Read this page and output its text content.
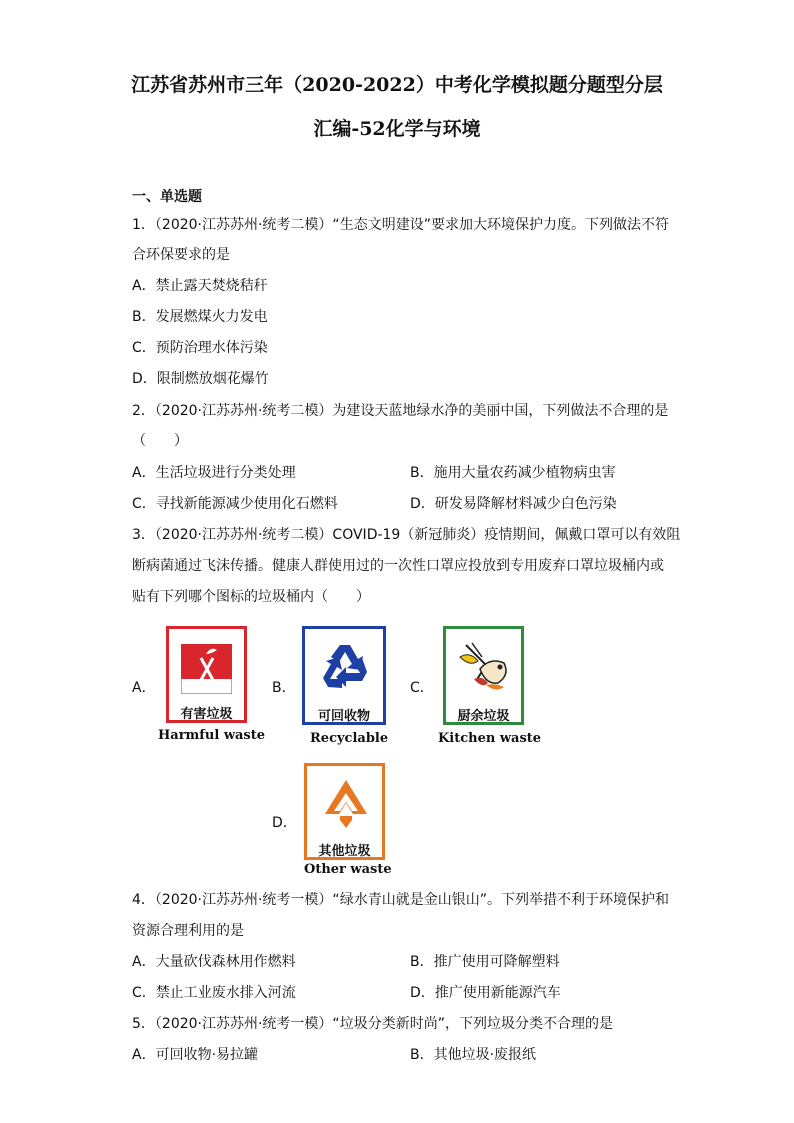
江苏省苏州市三年（2020-2022）中考化学模拟题分题型分层
汇编-52化学与环境
一、单选题
1．（2020·江苏苏州·统考二模）“生态文明建设”要求加大环境保护力度。下列做法不符
合环保要求的是
A．禁止露天焚烧秸秆
B．发展燃煤火力发电
C．预防治理水体污染
D．限制燃放烟花爆竹
2．（2020·江苏苏州·统考二模）为建设天蓝地绿水净的美丽中国，下列做法不合理的是
（　　）
A．生活垃圾进行分类处理	B．施用大量农药减少植物病虫害
C．寻找新能源减少使用化石燃料	D．研发易降解材料减少白色污染
3．（2020·江苏苏州·统考二模）COVID-19（新冠肺炎）疫情期间，佩戴口罩可以有效阻
断病菌通过飞沫传播。健康人群使用过的一次性口罩应投放到专用废弃口罩垃圾桶内或
贴有下列哪个图标的垃圾桶内（　　）
A．
有害垃圾
Harmful waste
B．
可回收物
Recyclable
C．
厨余垃圾
Kitchen waste
D．
其他垃圾
Other waste
4．（2020·江苏苏州·统考一模）“绿水青山就是金山银山”。下列举措不利于环境保护和
资源合理利用的是
A．大量砍伐森林用作燃料	B．推广使用可降解塑料
C．禁止工业废水排入河流	D．推广使用新能源汽车
5．（2020·江苏苏州·统考一模）“垃圾分类新时尚”，下列垃圾分类不合理的是
A．可回收物·易拉罐	B．其他垃圾·废报纸
